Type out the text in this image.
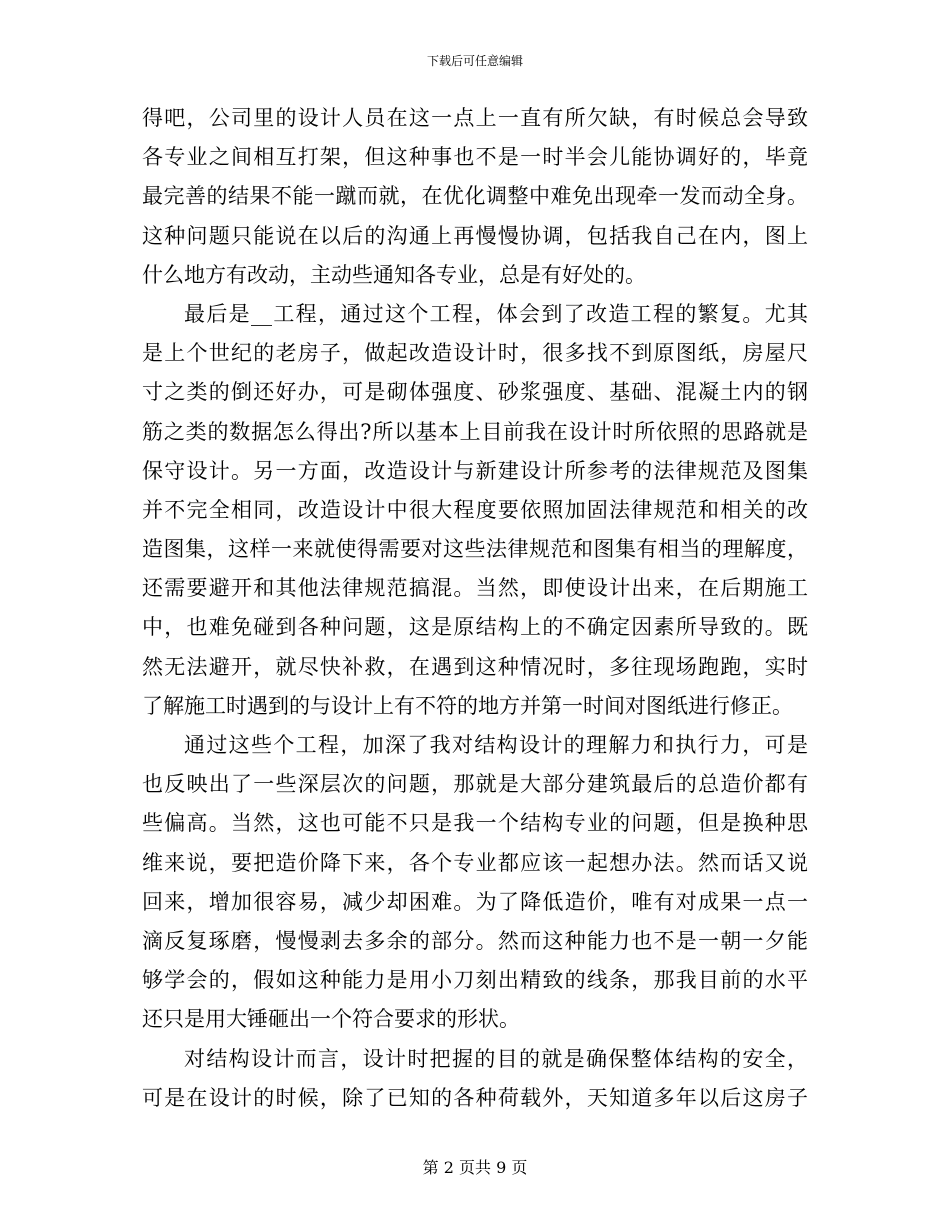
下载后可任意编辑
得吧，公司里的设计人员在这一点上一直有所欠缺，有时候总会导致
各专业之间相互打架，但这种事也不是一时半会儿能协调好的，毕竟
最完善的结果不能一蹴而就，在优化调整中难免出现牵一发而动全身。
这种问题只能说在以后的沟通上再慢慢协调，包括我自己在内，图上
什么地方有改动，主动些通知各专业，总是有好处的。
最后是__工程，通过这个工程，体会到了改造工程的繁复。尤其
是上个世纪的老房子，做起改造设计时，很多找不到原图纸，房屋尺
寸之类的倒还好办，可是砌体强度、砂浆强度、基础、混凝土内的钢
筋之类的数据怎么得出?所以基本上目前我在设计时所依照的思路就是
保守设计。另一方面，改造设计与新建设计所参考的法律规范及图集
并不完全相同，改造设计中很大程度要依照加固法律规范和相关的改
造图集，这样一来就使得需要对这些法律规范和图集有相当的理解度，
还需要避开和其他法律规范搞混。当然，即使设计出来，在后期施工
中，也难免碰到各种问题，这是原结构上的不确定因素所导致的。既
然无法避开，就尽快补救，在遇到这种情况时，多往现场跑跑，实时
了解施工时遇到的与设计上有不符的地方并第一时间对图纸进行修正。
通过这些个工程，加深了我对结构设计的理解力和执行力，可是
也反映出了一些深层次的问题，那就是大部分建筑最后的总造价都有
些偏高。当然，这也可能不只是我一个结构专业的问题，但是换种思
维来说，要把造价降下来，各个专业都应该一起想办法。然而话又说
回来，增加很容易，减少却困难。为了降低造价，唯有对成果一点一
滴反复琢磨，慢慢剥去多余的部分。然而这种能力也不是一朝一夕能
够学会的，假如这种能力是用小刀刻出精致的线条，那我目前的水平
还只是用大锤砸出一个符合要求的形状。
对结构设计而言，设计时把握的目的就是确保整体结构的安全，
可是在设计的时候，除了已知的各种荷载外，天知道多年以后这房子
第 2 页共 9 页
